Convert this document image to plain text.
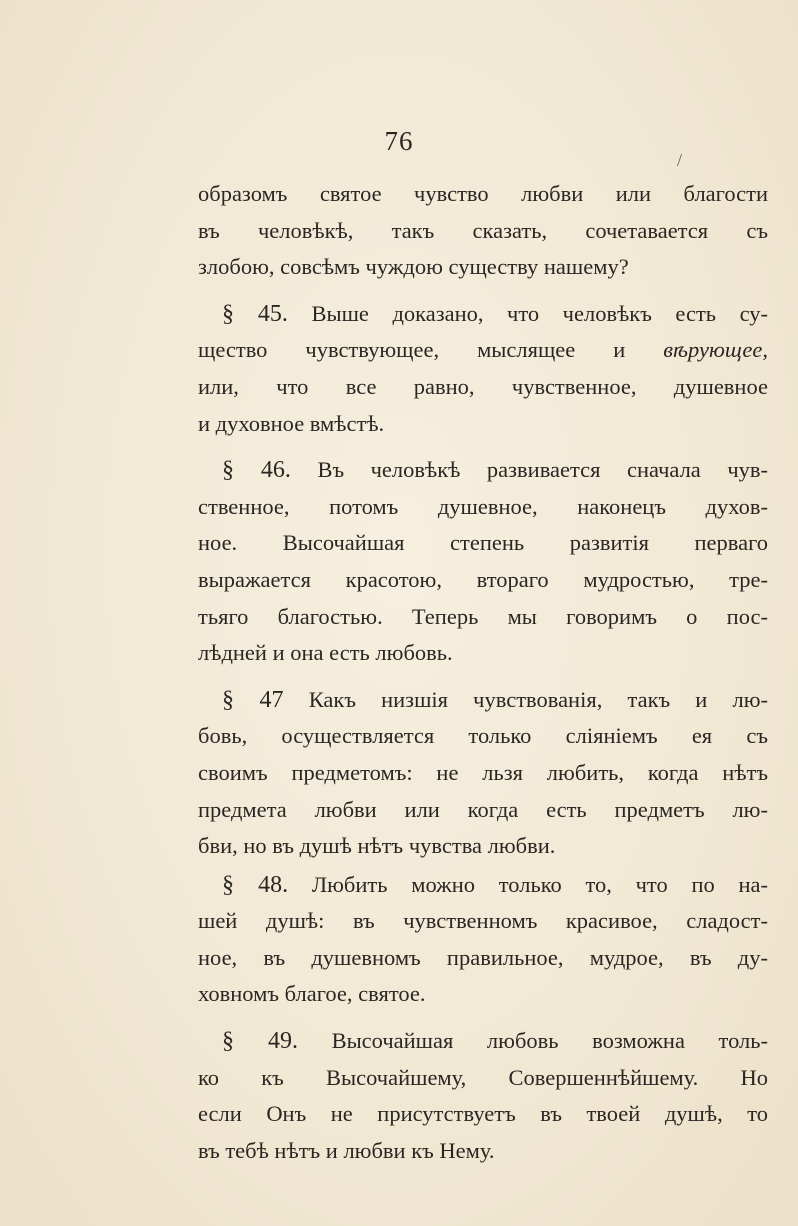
76
/
образомъ святое чувство любви или благости
въ человѣкѣ, такъ сказать, сочетавается съ
злобою, совсѣмъ чуждою существу нашему?
§ 45. Выше доказано, что человѣкъ есть су-
щество чувствующее, мыслящее и вѣрующее,
или, что все равно, чувственное, душевное
и духовное вмѣстѣ.
§ 46. Въ человѣкѣ развивается сначала чув-
ственное, потомъ душевное, наконецъ духов-
ное. Высочайшая степень развитія перваго
выражается красотою, втораго мудростью, тре-
тьяго благостью. Теперь мы говоримъ о пос-
лѣдней и она есть любовь.
§ 47 Какъ низшія чувствованія, такъ и лю-
бовь, осуществляется только сліяніемъ ея съ
своимъ предметомъ: не льзя любить, когда нѣтъ
предмета любви или когда есть предметъ лю-
бви, но въ душѣ нѣтъ чувства любви.
§ 48. Любить можно только то, что по на-
шей душѣ: въ чувственномъ красивое, сладост-
ное, въ душевномъ правильное, мудрое, въ ду-
ховномъ благое, святое.
§ 49. Высочайшая любовь возможна толь-
ко къ Высочайшему, Совершеннѣйшему. Но
если Онъ не присутствуетъ въ твоей душѣ, то
въ тебѣ нѣтъ и любви къ Нему.
